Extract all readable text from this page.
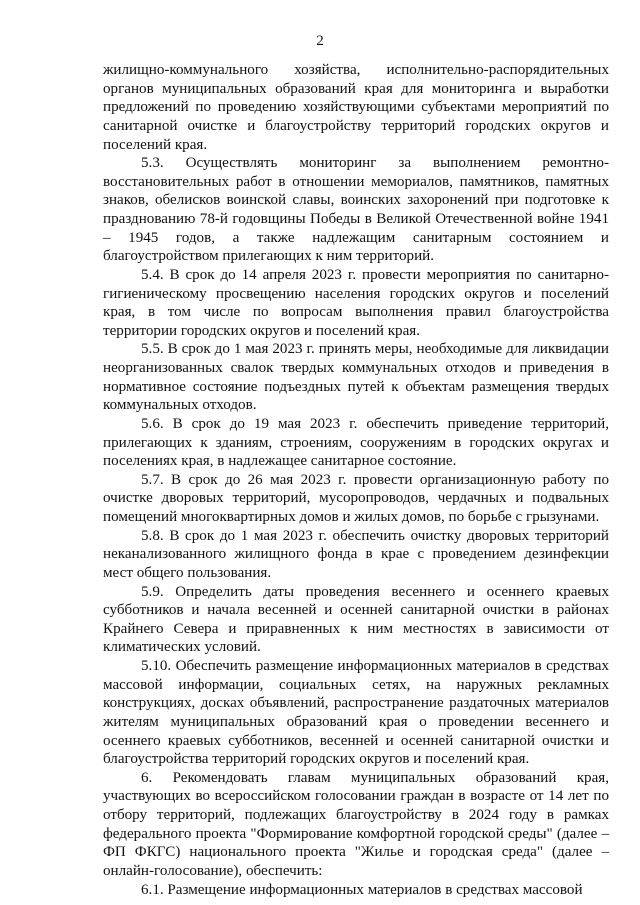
2

жилищно-коммунального хозяйства, исполнительно-распорядительных органов муниципальных образований края для мониторинга и выработки предложений по проведению хозяйствующими субъектами мероприятий по санитарной очистке и благоустройству территорий городских округов и поселений края.

5.3. Осуществлять мониторинг за выполнением ремонтно-восстановительных работ в отношении мемориалов, памятников, памятных знаков, обелисков воинской славы, воинских захоронений при подготовке к празднованию 78-й годовщины Победы в Великой Отечественной войне 1941 – 1945 годов, а также надлежащим санитарным состоянием и благоустройством прилегающих к ним территорий.

5.4. В срок до 14 апреля 2023 г. провести мероприятия по санитарно-гигиеническому просвещению населения городских округов и поселений края, в том числе по вопросам выполнения правил благоустройства территории городских округов и поселений края.

5.5. В срок до 1 мая 2023 г. принять меры, необходимые для ликвидации неорганизованных свалок твердых коммунальных отходов и приведения в нормативное состояние подъездных путей к объектам размещения твердых коммунальных отходов.

5.6. В срок до 19 мая 2023 г. обеспечить приведение территорий, прилегающих к зданиям, строениям, сооружениям в городских округах и поселениях края, в надлежащее санитарное состояние.

5.7. В срок до 26 мая 2023 г. провести организационную работу по очистке дворовых территорий, мусоропроводов, чердачных и подвальных помещений многоквартирных домов и жилых домов, по борьбе с грызунами.

5.8. В срок до 1 мая 2023 г. обеспечить очистку дворовых территорий неканализованного жилищного фонда в крае с проведением дезинфекции мест общего пользования.

5.9. Определить даты проведения весеннего и осеннего краевых субботников и начала весенней и осенней санитарной очистки в районах Крайнего Севера и приравненных к ним местностях в зависимости от климатических условий.

5.10. Обеспечить размещение информационных материалов в средствах массовой информации, социальных сетях, на наружных рекламных конструкциях, досках объявлений, распространение раздаточных материалов жителям муниципальных образований края о проведении весеннего и осеннего краевых субботников, весенней и осенней санитарной очистки и благоустройства территорий городских округов и поселений края.

6. Рекомендовать главам муниципальных образований края, участвующих во всероссийском голосовании граждан в возрасте от 14 лет по отбору территорий, подлежащих благоустройству в 2024 году в рамках федерального проекта "Формирование комфортной городской среды" (далее – ФП ФКГС) национального проекта "Жилье и городская среда" (далее – онлайн-голосование), обеспечить:

6.1. Размещение информационных материалов в средствах массовой
